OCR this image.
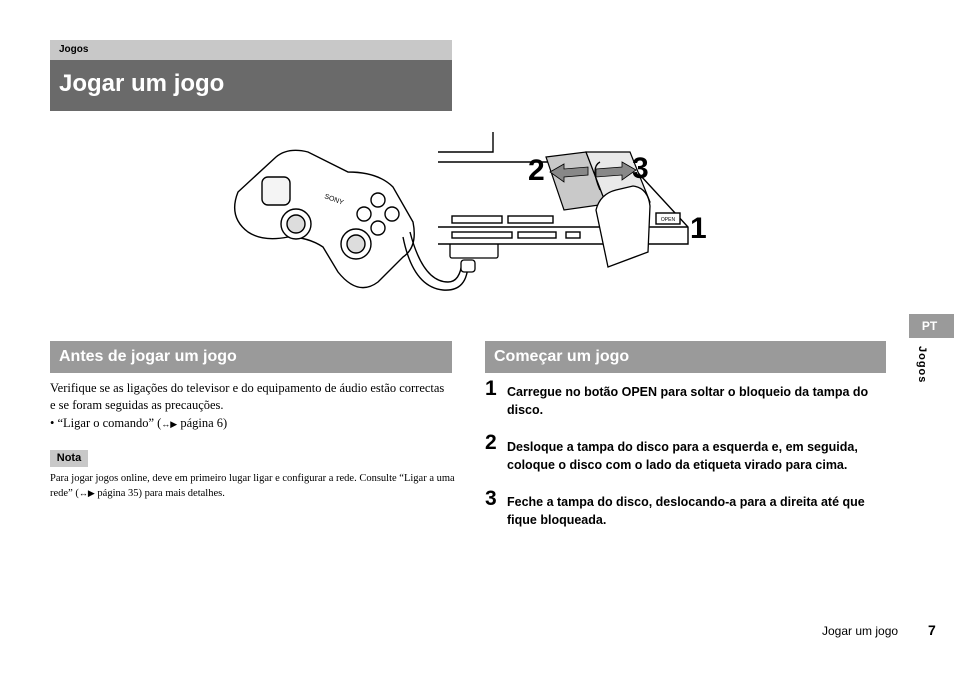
Jogos
Jogar um jogo
SONY
OPEN
2	3
1
Antes de jogar um jogo

Verifique se as ligações do televisor e do equipamento de áudio estão correctas e se foram seguidas as precauções.

• “Ligar o comando” (↔▶ página 6)

Nota

Para jogar jogos online, deve em primeiro lugar ligar e configurar a rede. Consulte “Ligar a uma rede” (↔▶ página 35) para mais detalhes.

Começar um jogo
1 Carregue no botão OPEN para soltar o bloqueio da tampa do disco.
2 Desloque a tampa do disco para a esquerda e, em seguida, coloque o disco com o lado da etiqueta virado para cima.
3 Feche a tampa do disco, deslocando-a para a direita até que fique bloqueada.
PT
Jogos
Jogar um jogo 7
